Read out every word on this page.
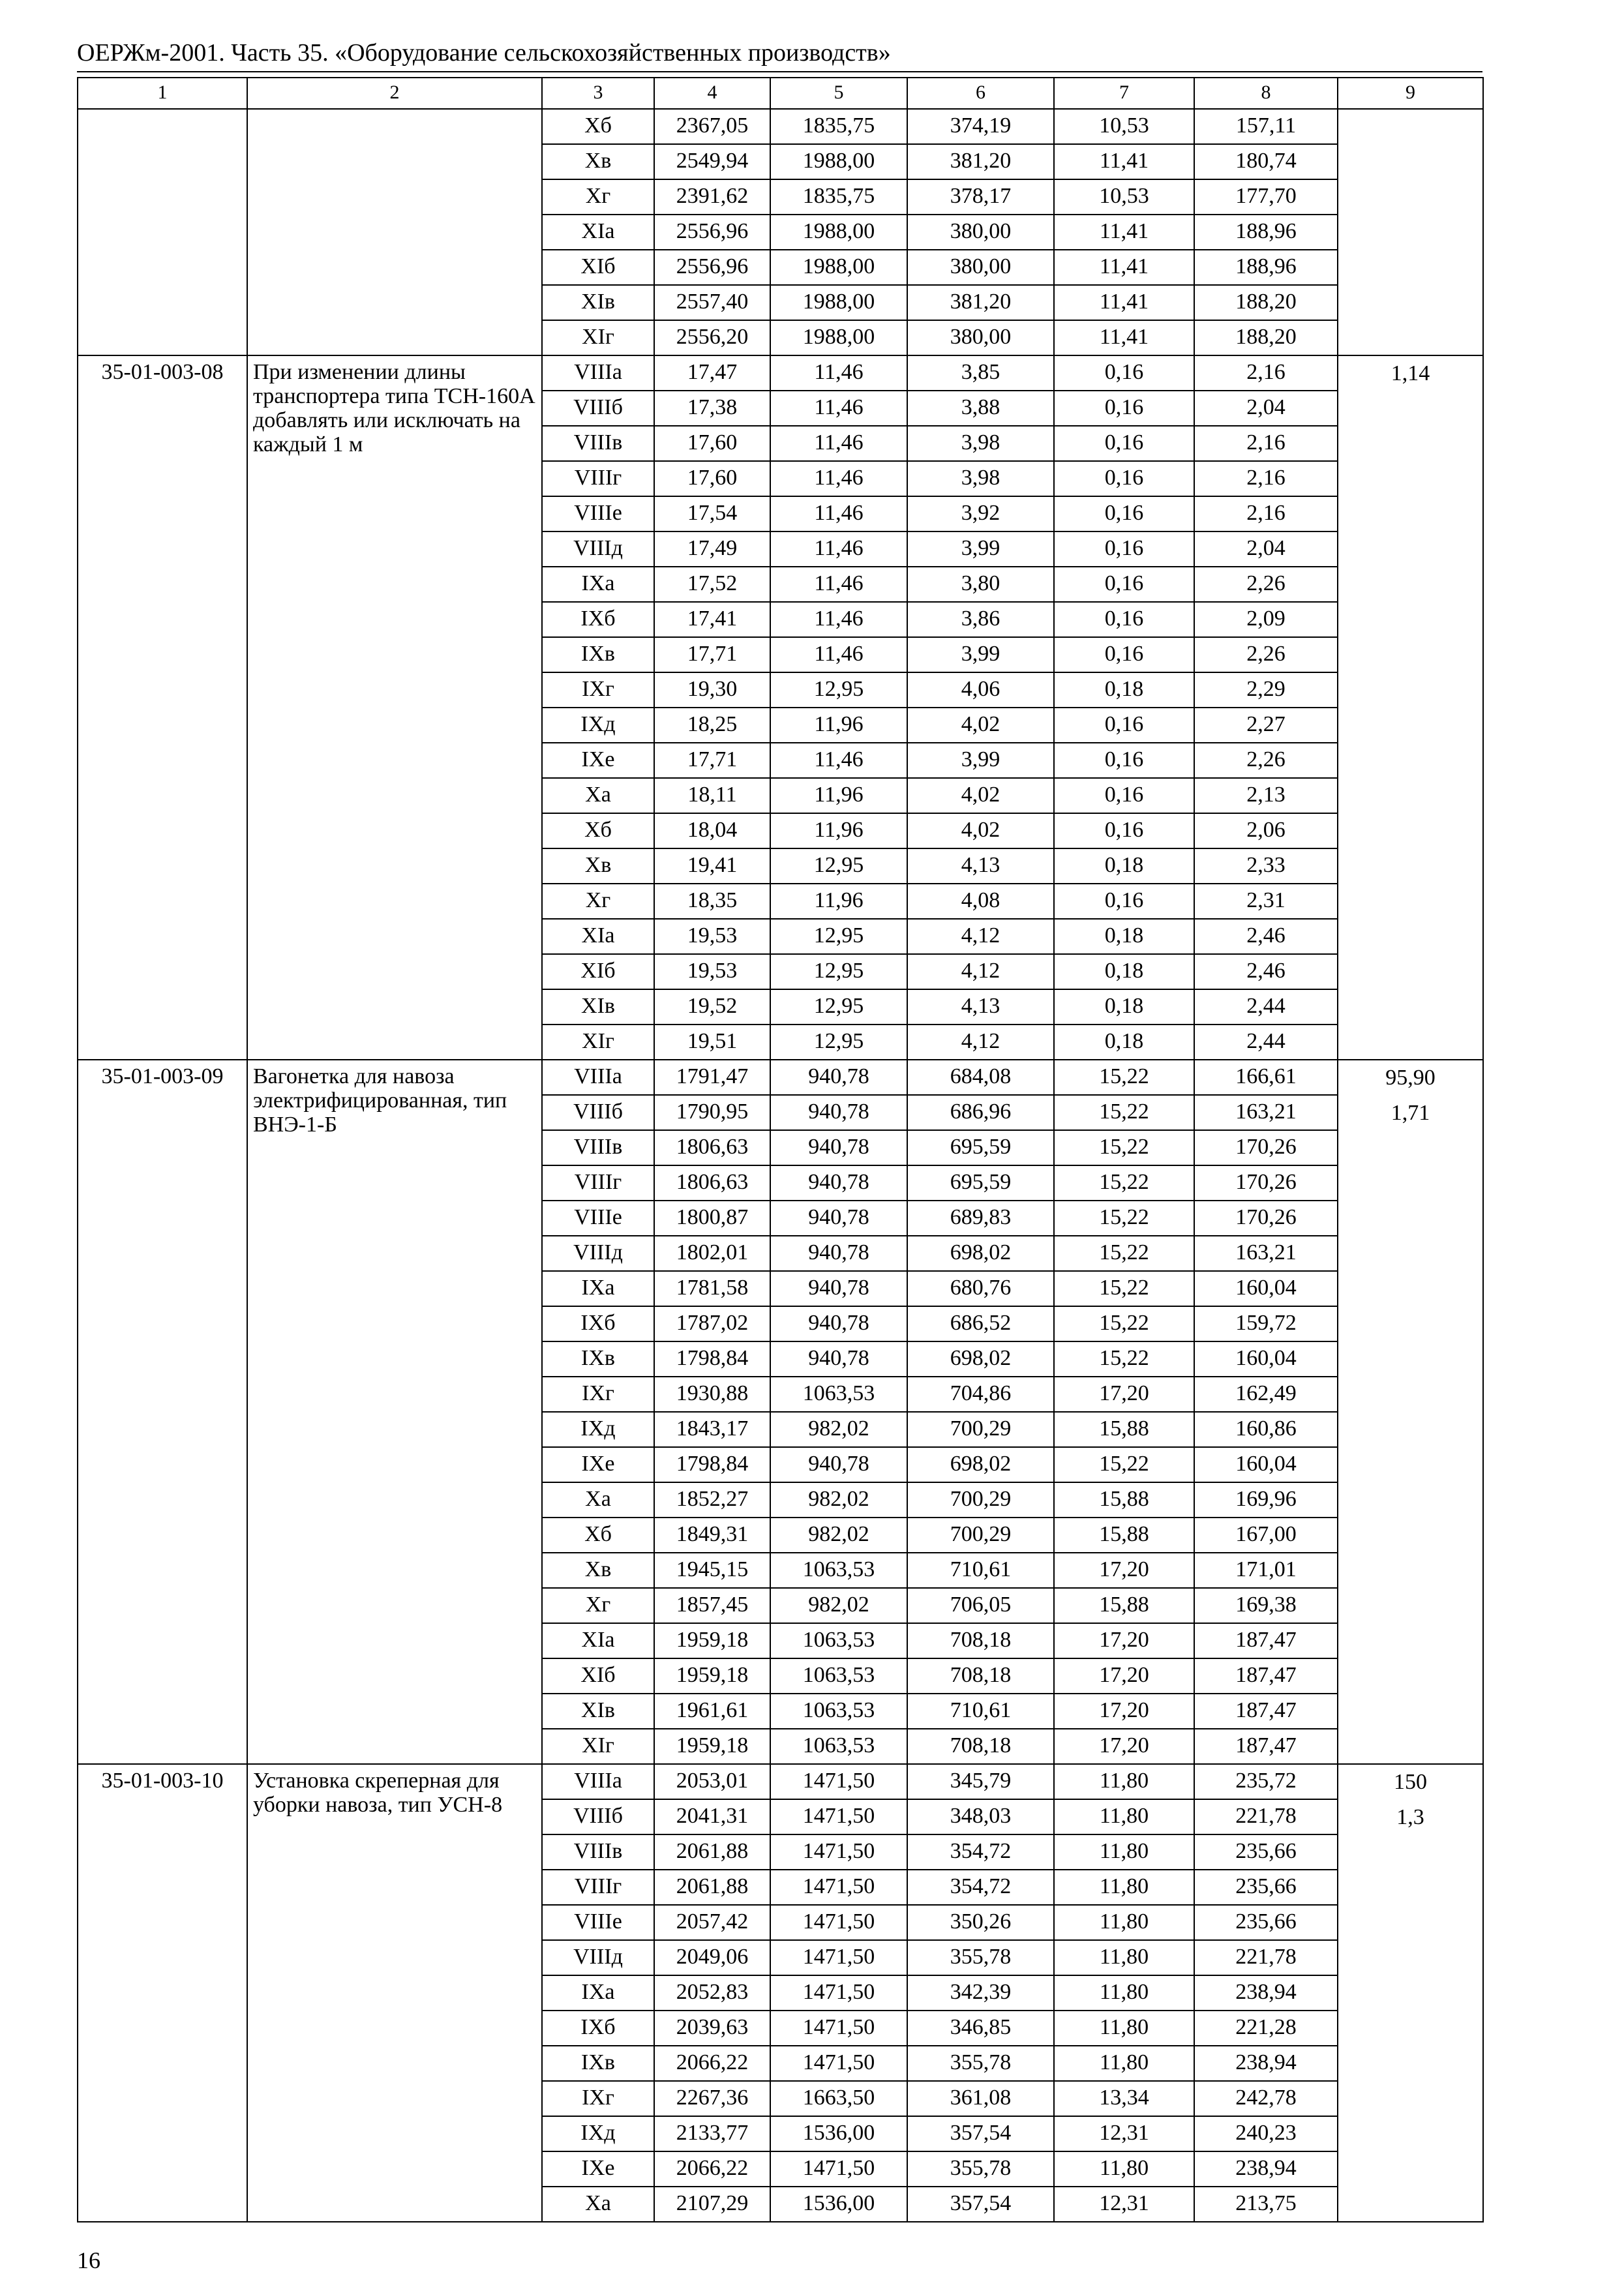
ОЕРЖм-2001. Часть 35. «Оборудование сельскохозяйственных производств»
1	2	3	4	5	6	7	8	9
		Хб	2367,05	1835,75	374,19	10,53	157,11	
		Хв	2549,94	1988,00	381,20	11,41	180,74	
		Хг	2391,62	1835,75	378,17	10,53	177,70	
		ХIа	2556,96	1988,00	380,00	11,41	188,96	
		ХIб	2556,96	1988,00	380,00	11,41	188,96	
		ХIв	2557,40	1988,00	381,20	11,41	188,20	
		ХIг	2556,20	1988,00	380,00	11,41	188,20	
35-01-003-08	При изменении длины транспортера типа ТСН-160А добавлять или исключать на каждый 1 м	VIIIа	17,47	11,46	3,85	0,16	2,16	1,14

		VIIIб	17,38	11,46	3,88	0,16	2,04	
		VIIIв	17,60	11,46	3,98	0,16	2,16	
		VIIIг	17,60	11,46	3,98	0,16	2,16	
		VIIIе	17,54	11,46	3,92	0,16	2,16	
		VIIIд	17,49	11,46	3,99	0,16	2,04	
		IХа	17,52	11,46	3,80	0,16	2,26	
		IХб	17,41	11,46	3,86	0,16	2,09	
		IХв	17,71	11,46	3,99	0,16	2,26	
		IХг	19,30	12,95	4,06	0,18	2,29	
		IХд	18,25	11,96	4,02	0,16	2,27	
		IХе	17,71	11,46	3,99	0,16	2,26	
		Ха	18,11	11,96	4,02	0,16	2,13	
		Хб	18,04	11,96	4,02	0,16	2,06	
		Хв	19,41	12,95	4,13	0,18	2,33	
		Хг	18,35	11,96	4,08	0,16	2,31	
		ХIа	19,53	12,95	4,12	0,18	2,46	
		ХIб	19,53	12,95	4,12	0,18	2,46	
		ХIв	19,52	12,95	4,13	0,18	2,44	
		ХIг	19,51	12,95	4,12	0,18	2,44	
35-01-003-09	Вагонетка для навоза электрифицированная, тип ВНЭ-1-Б	VIIIа	1791,47	940,78	684,08	15,22	166,61	95,90
1,71

		VIIIб	1790,95	940,78	686,96	15,22	163,21	
		VIIIв	1806,63	940,78	695,59	15,22	170,26	
		VIIIг	1806,63	940,78	695,59	15,22	170,26	
		VIIIе	1800,87	940,78	689,83	15,22	170,26	
		VIIIд	1802,01	940,78	698,02	15,22	163,21	
		IХа	1781,58	940,78	680,76	15,22	160,04	
		IХб	1787,02	940,78	686,52	15,22	159,72	
		IХв	1798,84	940,78	698,02	15,22	160,04	
		IХг	1930,88	1063,53	704,86	17,20	162,49	
		IХд	1843,17	982,02	700,29	15,88	160,86	
		IХе	1798,84	940,78	698,02	15,22	160,04	
		Ха	1852,27	982,02	700,29	15,88	169,96	
		Хб	1849,31	982,02	700,29	15,88	167,00	
		Хв	1945,15	1063,53	710,61	17,20	171,01	
		Хг	1857,45	982,02	706,05	15,88	169,38	
		ХIа	1959,18	1063,53	708,18	17,20	187,47	
		ХIб	1959,18	1063,53	708,18	17,20	187,47	
		ХIв	1961,61	1063,53	710,61	17,20	187,47	
		ХIг	1959,18	1063,53	708,18	17,20	187,47	
35-01-003-10	Установка скреперная для уборки навоза, тип УСН-8	VIIIа	2053,01	1471,50	345,79	11,80	235,72	150
1,3

		VIIIб	2041,31	1471,50	348,03	11,80	221,78	
		VIIIв	2061,88	1471,50	354,72	11,80	235,66	
		VIIIг	2061,88	1471,50	354,72	11,80	235,66	
		VIIIе	2057,42	1471,50	350,26	11,80	235,66	
		VIIIд	2049,06	1471,50	355,78	11,80	221,78	
		IХа	2052,83	1471,50	342,39	11,80	238,94	
		IХб	2039,63	1471,50	346,85	11,80	221,28	
		IХв	2066,22	1471,50	355,78	11,80	238,94	
		IХг	2267,36	1663,50	361,08	13,34	242,78	
		IХд	2133,77	1536,00	357,54	12,31	240,23	
		IХе	2066,22	1471,50	355,78	11,80	238,94	
		Ха	2107,29	1536,00	357,54	12,31	213,75	
16
